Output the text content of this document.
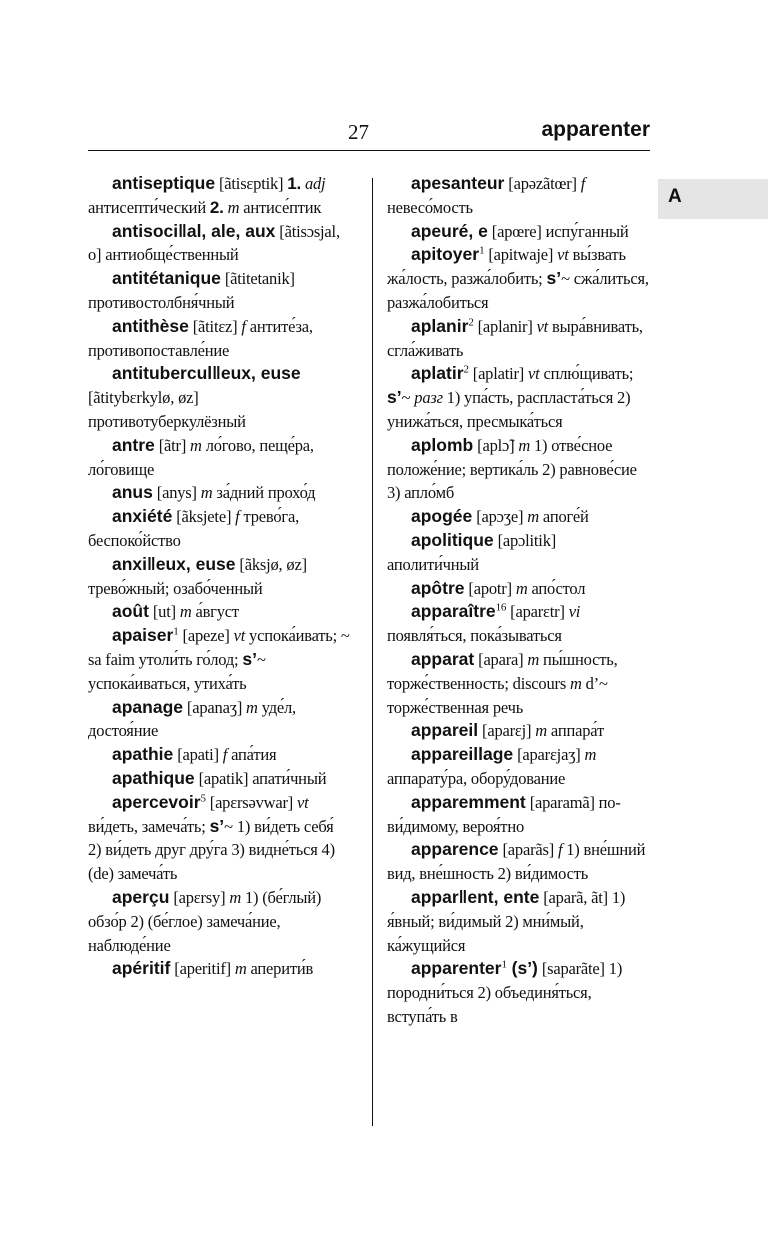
27	apparenter
A

antiseptique [ãtisɛptik] 1. adj антисепти́ческий 2. m антисе́птик

antisoci‖al, ale, aux [ãtisɔsjal, o] антиобще́ственный

antitétanique [ãtitetanik] противостолбня́чный

antithèse [ãtitɛz] f антите́за, противопоставле́ние

antitubercul‖eux, euse [ãtitybɛrkylø, øz] противотуберкулёзный

antre [ãtr] m ло́гово, пеще́ра, ло́говище

anus [anys] m за́дний прохо́д

anxiété [ãksjete] f трево́га, беспоко́йство

anxi‖eux, euse [ãksjø, øz] трево́жный; озабо́ченный

août [ut] m а́вгуст

apaiser$^1$ [apeze] vt успока́ивать; ~ sa faim утоли́ть го́лод; s’~ успока́иваться, утиха́ть

apanage [apanaʒ] m уде́л, достоя́ние

apathie [apati] f апа́тия

apathique [apatik] апати́чный

apercevoir$^5$ [apɛrsəvwar] vt ви́деть, замеча́ть; s’~ 1) ви́деть себя́ 2) ви́деть друг дру́га 3) видне́ться 4) (de) замеча́ть

aperçu [apɛrsy] m 1) (бе́глый) обзо́р 2) (бе́глое) замеча́ние, наблюде́ние

apéritif [aperitif] m аперити́в

apesanteur [apəzãtœr] f невесо́мость

apeuré, e [apœre] испу́ганный

apitoyer$^1$ [apitwaje] vt вы́звать жа́лость, разжа́лобить; s’~ сжа́литься, разжа́лобиться

aplanir$^2$ [aplanir] vt выра́внивать, сгла́живать

aplatir$^2$ [aplatir] vt сплю́щивать; s’~ разг 1) упа́сть, распласта́ться 2) унижа́ться, пресмыка́ться

aplomb [aplɔ̃] m 1) отве́сное положе́ние; вертика́ль 2) равнове́сие 3) апло́мб

apogée [apɔʒe] m апоге́й

apolitique [apɔlitik] аполити́чный

apôtre [apotr] m апо́стол

apparaître$^{16}$ [aparɛtr] vi появля́ться, пока́зываться

apparat [apara] m пы́шность, торже́ственность; discours m d’~ торже́ственная речь

appareil [aparɛj] m аппара́т

appareillage [aparɛjaʒ] m аппарату́ра, обору́дование

apparemment [aparamã] по-ви́димому, вероя́тно

apparence [aparãs] f 1) вне́шний вид, вне́шность 2) ви́димость

appar‖ent, ente [aparã, ãt] 1) я́вный; ви́димый 2) мни́мый, ка́жущийся

apparenter$^1$ (s’) [saparãte] 1) породни́ться 2) объединя́ться, вступа́ть в
